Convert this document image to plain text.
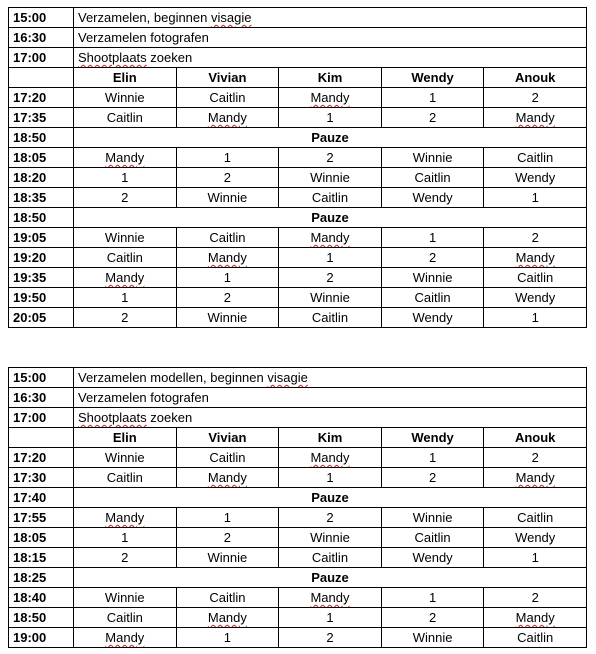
15:00	Verzamelen, beginnen visagie				
16:30	Verzamelen fotografen				
17:00	Shootplaats zoeken				
	Elin	Vivian	Kim	Wendy	Anouk
17:20	Winnie	Caitlin	Mandy	1	2
17:35	Caitlin	Mandy	1	2	Mandy
18:50	Pauze				
18:05	Mandy	1	2	Winnie	Caitlin
18:20	1	2	Winnie	Caitlin	Wendy
18:35	2	Winnie	Caitlin	Wendy	1
18:50	Pauze				
19:05	Winnie	Caitlin	Mandy	1	2
19:20	Caitlin	Mandy	1	2	Mandy
19:35	Mandy	1	2	Winnie	Caitlin
19:50	1	2	Winnie	Caitlin	Wendy
20:05	2	Winnie	Caitlin	Wendy	1
15:00	Verzamelen modellen, beginnen visagie				
16:30	Verzamelen fotografen				
17:00	Shootplaats zoeken				
	Elin	Vivian	Kim	Wendy	Anouk
17:20	Winnie	Caitlin	Mandy	1	2
17:30	Caitlin	Mandy	1	2	Mandy
17:40	Pauze				
17:55	Mandy	1	2	Winnie	Caitlin
18:05	1	2	Winnie	Caitlin	Wendy
18:15	2	Winnie	Caitlin	Wendy	1
18:25	Pauze				
18:40	Winnie	Caitlin	Mandy	1	2
18:50	Caitlin	Mandy	1	2	Mandy
19:00	Mandy	1	2	Winnie	Caitlin
